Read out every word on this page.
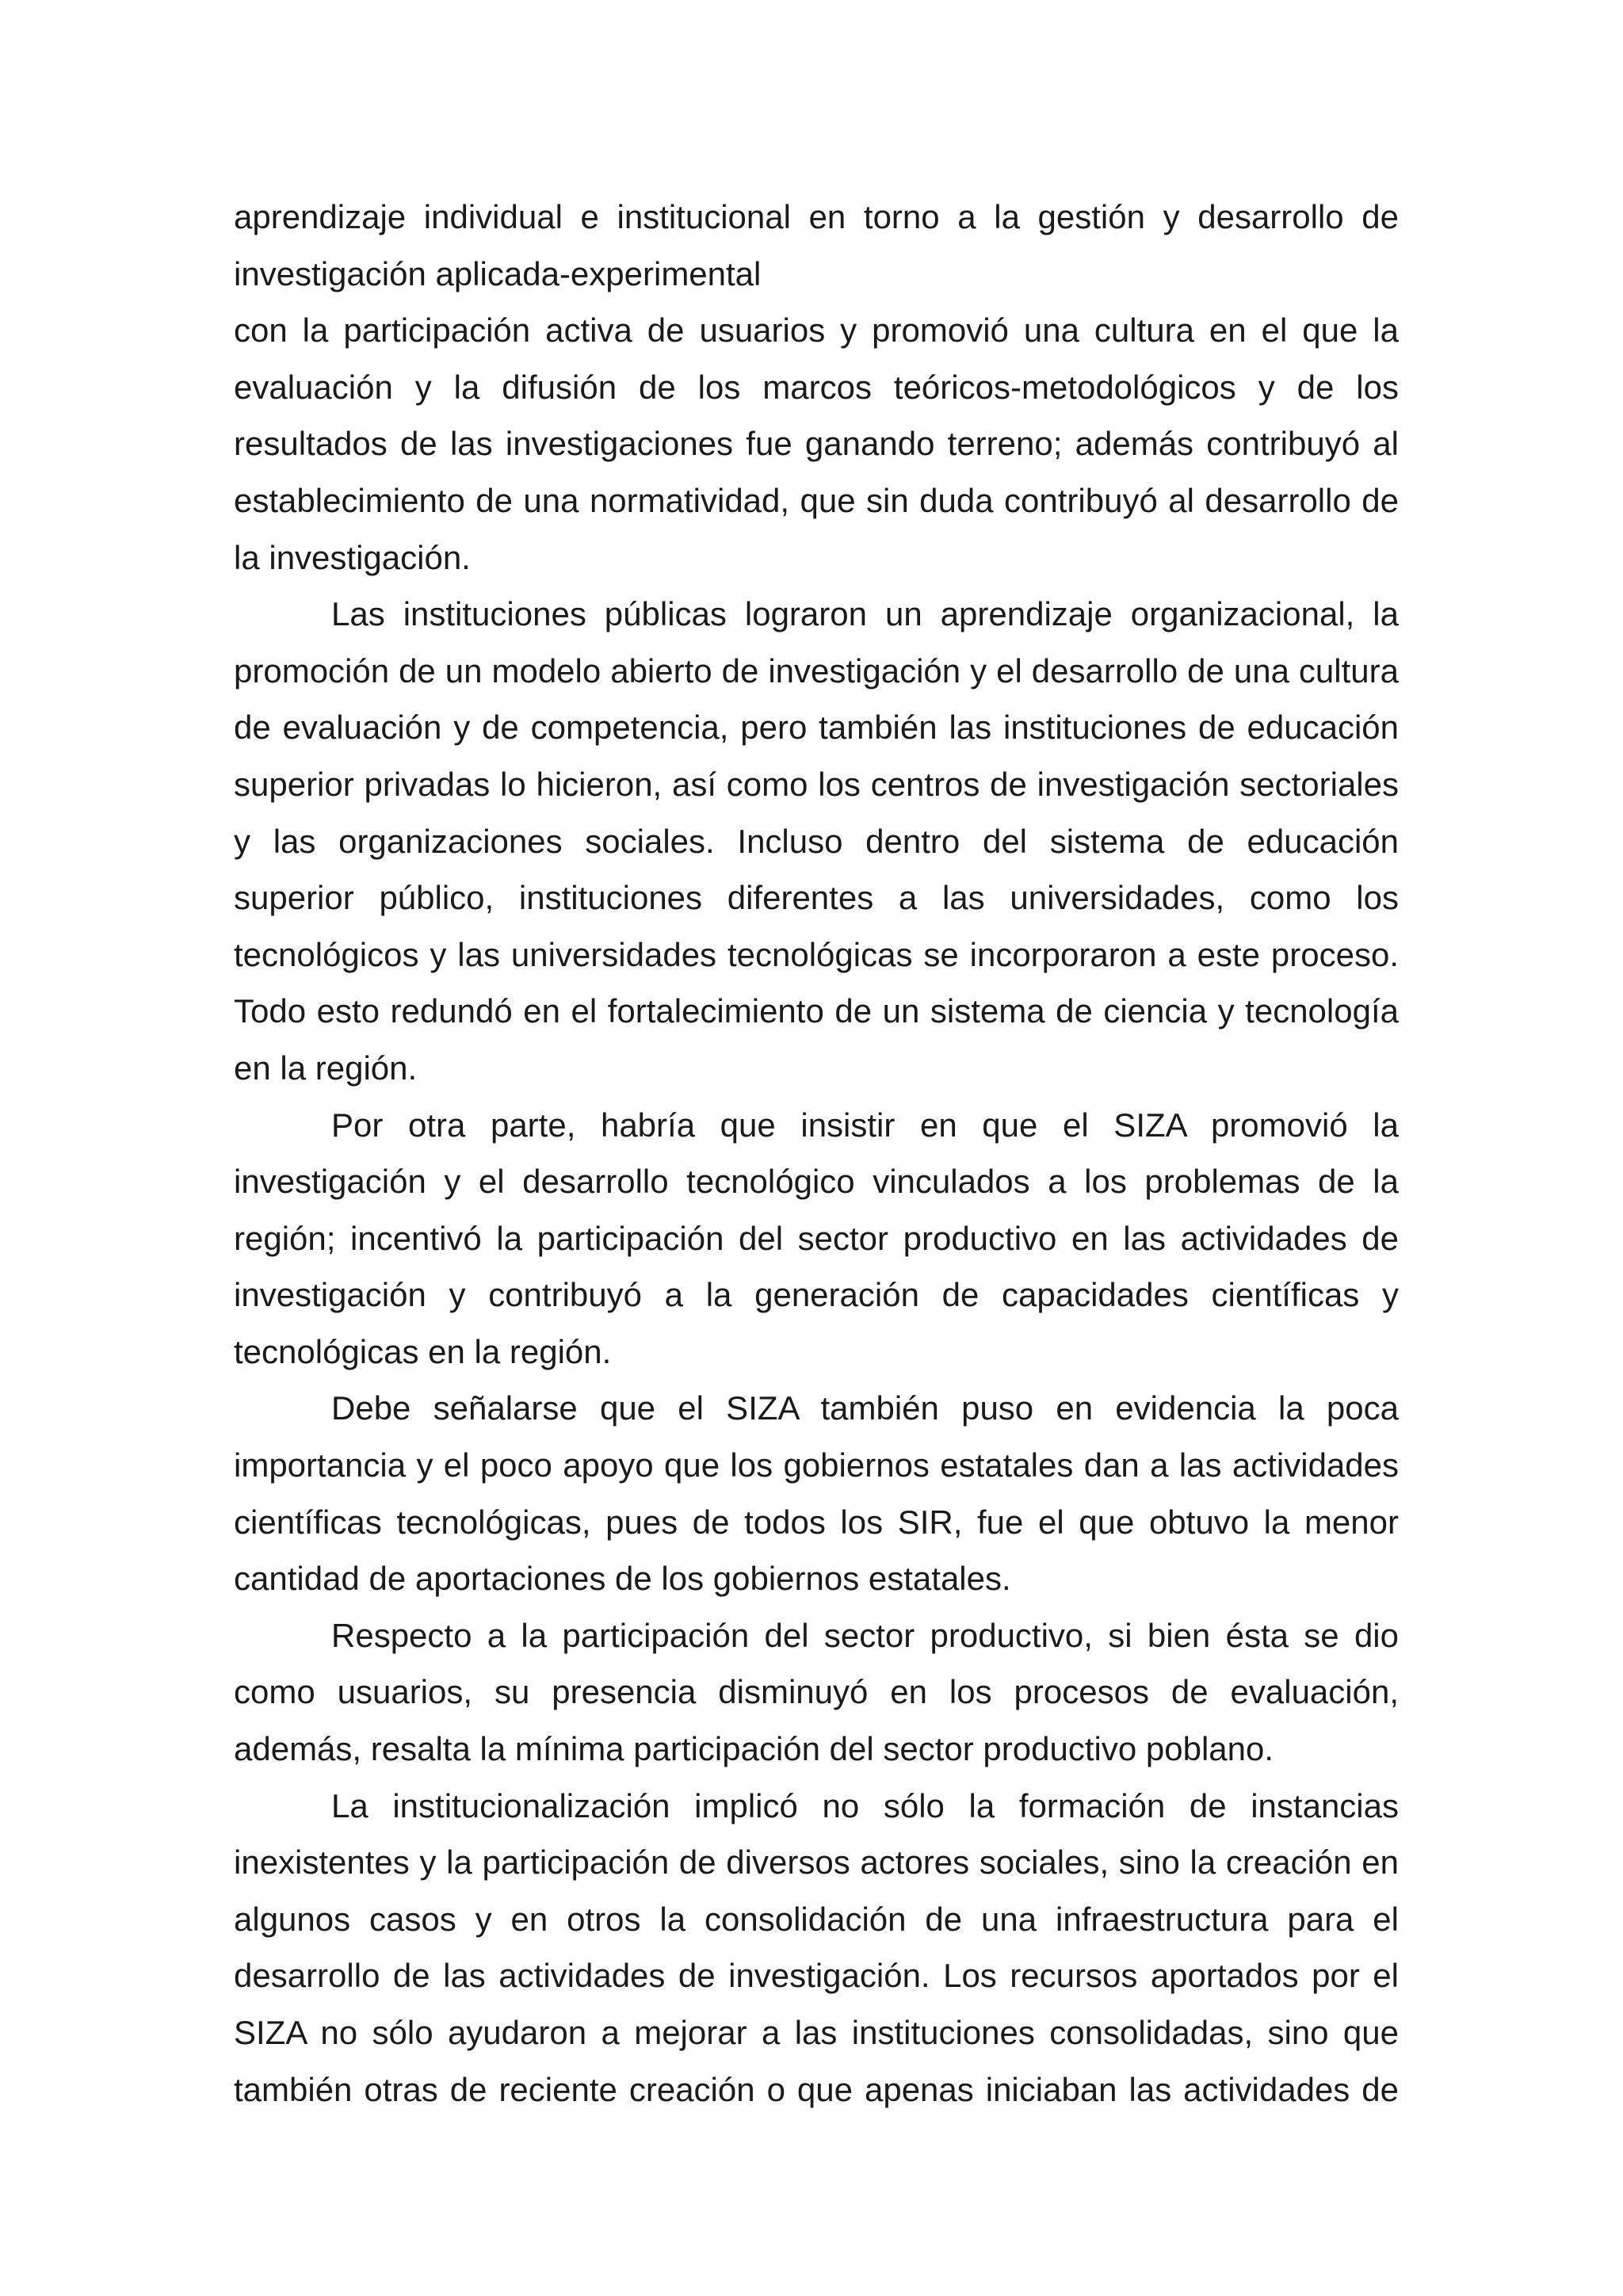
aprendizaje individual e institucional en torno a la gestión y desarrollo de
investigación aplicada-experimental

con la participación activa de usuarios y promovió una cultura en el que la evaluación y la difusión de los marcos teóricos-metodológicos y de los resultados de las investigaciones fue ganando terreno; además contribuyó al establecimiento de una normatividad, que sin duda contribuyó al desarrollo de la investigación.

Las instituciones públicas lograron un aprendizaje organizacional, la promoción de un modelo abierto de investigación y el desarrollo de una cultura de evaluación y de competencia, pero también las instituciones de educación superior privadas lo hicieron, así como los centros de investigación sectoriales y las organizaciones sociales. Incluso dentro del sistema de educación superior público, instituciones diferentes a las universidades, como los tecnológicos y las universidades tecnológicas se incorporaron a este proceso. Todo esto redundó en el fortalecimiento de un sistema de ciencia y tecnología en la región.

Por otra parte, habría que insistir en que el SIZA promovió la investigación y el desarrollo tecnológico vinculados a los problemas de la región; incentivó la participación del sector productivo en las actividades de investigación y contribuyó a la generación de capacidades científicas y tecnológicas en la región.

Debe señalarse que el SIZA también puso en evidencia la poca importancia y el poco apoyo que los gobiernos estatales dan a las actividades científicas tecnológicas, pues de todos los SIR, fue el que obtuvo la menor cantidad de aportaciones de los gobiernos estatales.

Respecto a la participación del sector productivo, si bien ésta se dio como usuarios, su presencia disminuyó en los procesos de evaluación, además, resalta la mínima participación del sector productivo poblano.

La institucionalización implicó no sólo la formación de instancias inexistentes y la participación de diversos actores sociales, sino la creación en algunos casos y en otros la consolidación de una infraestructura para el desarrollo de las actividades de investigación. Los recursos aportados por el SIZA no sólo ayudaron a mejorar a las instituciones consolidadas, sino que también otras de reciente creación o que apenas iniciaban las actividades de
